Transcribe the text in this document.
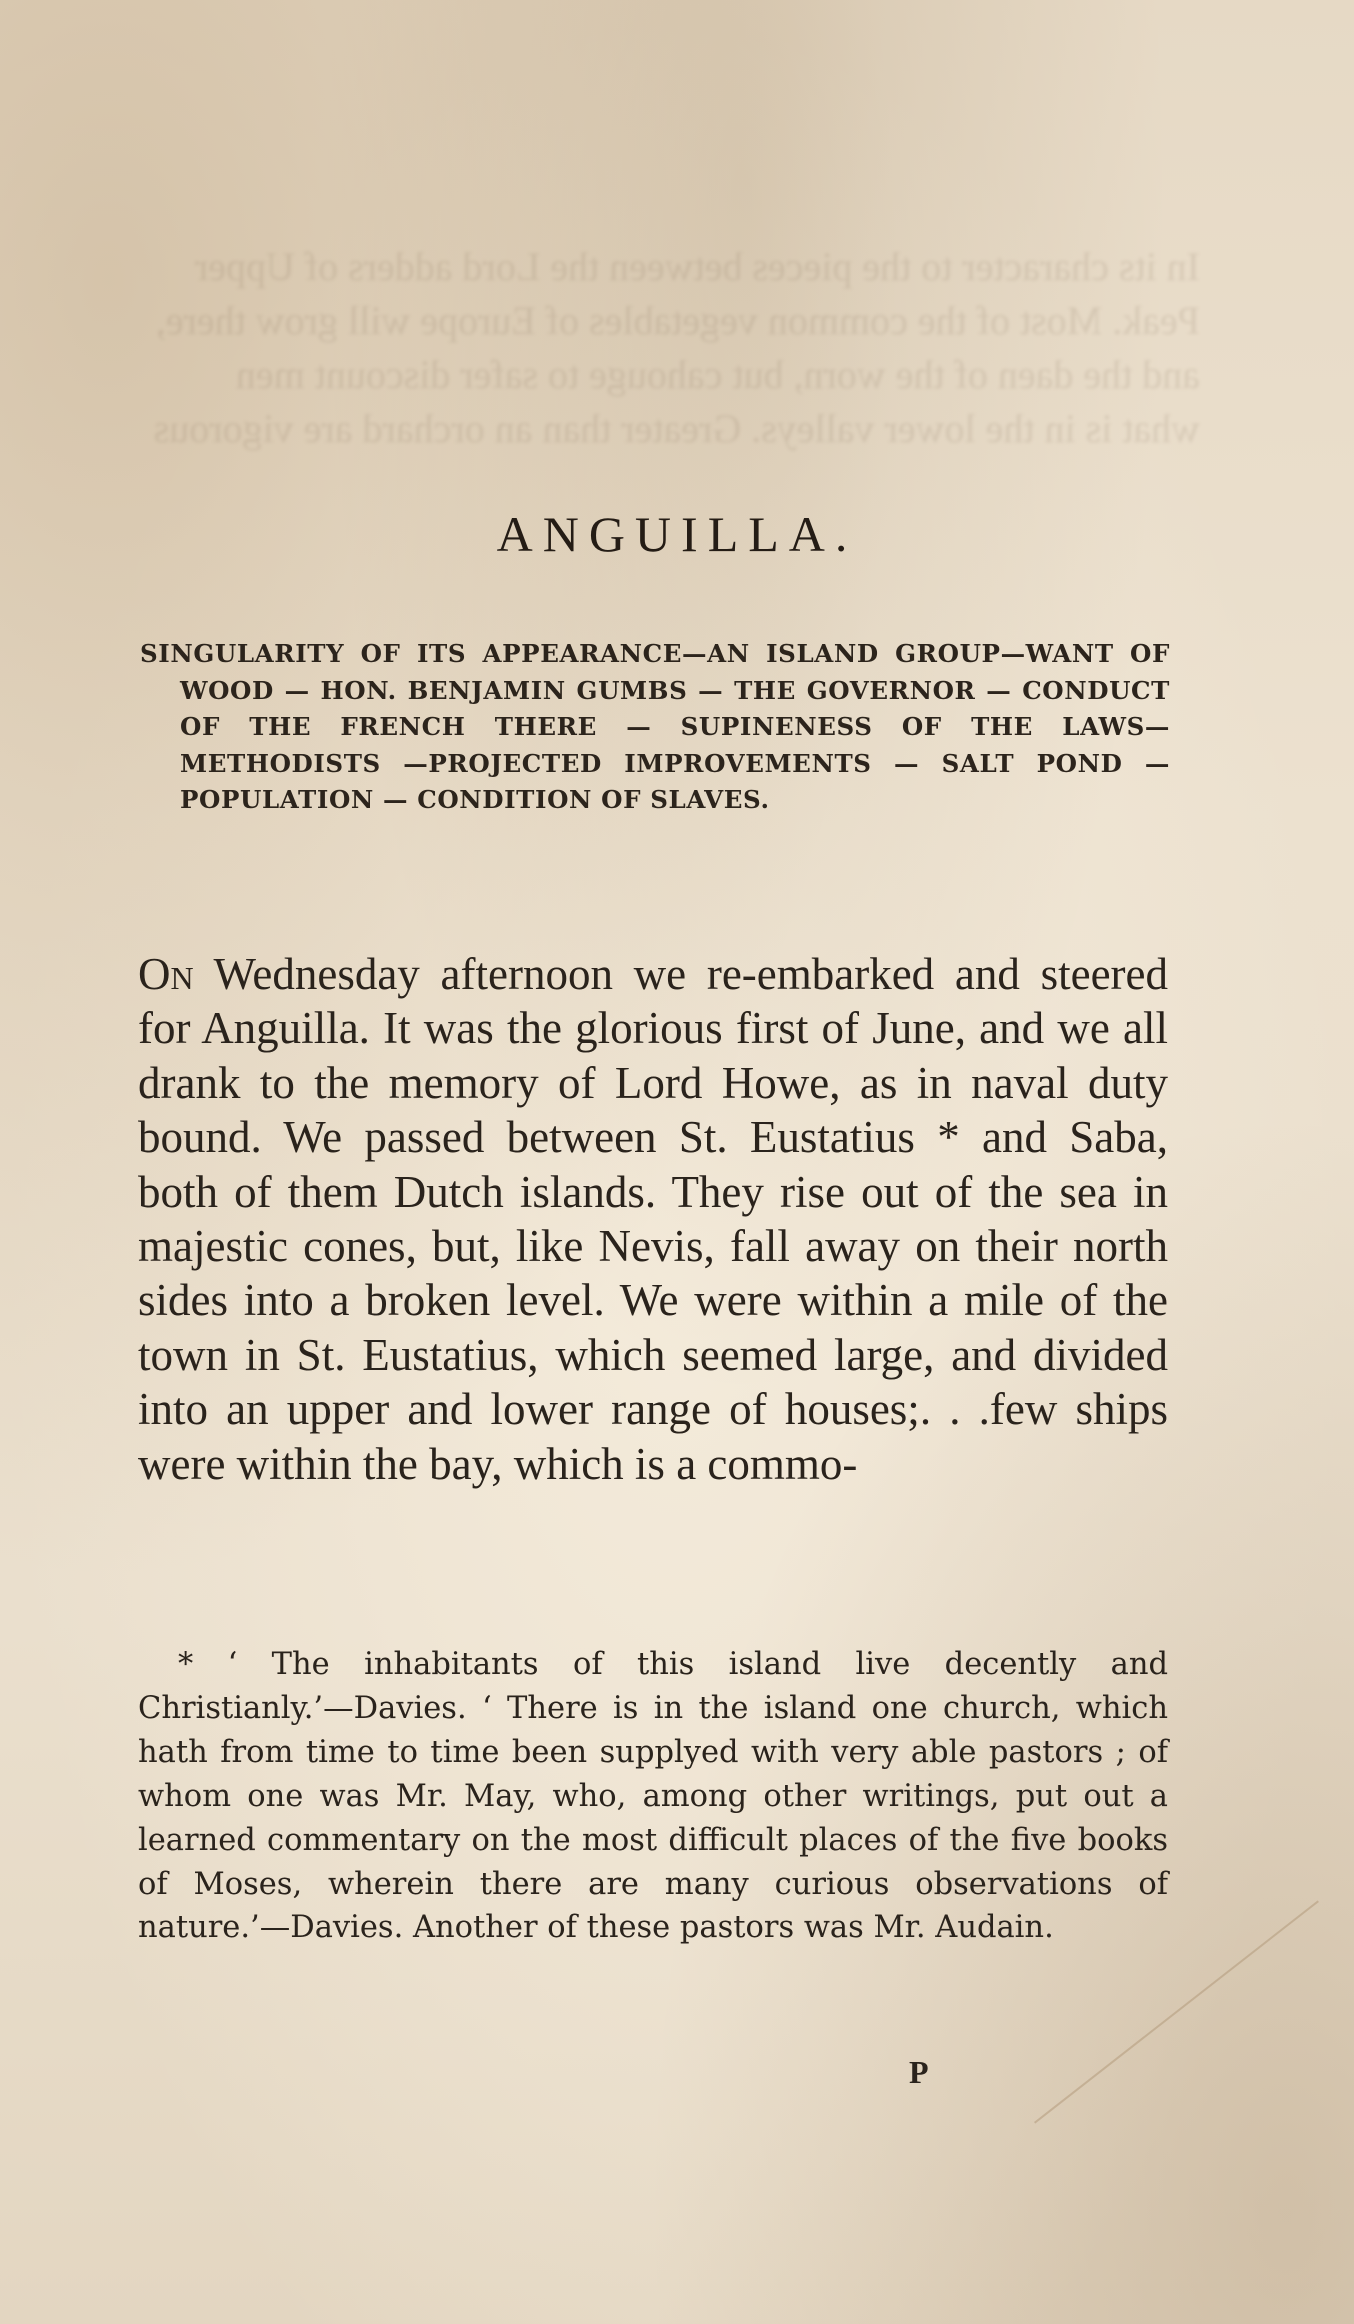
In its character to the pieces between the Lord adders of Upper Peak. Most of the common vegetables of Europe will grow there, and the daen of the worn, but cahouge to safer discount men what is in the lower valleys. Greater than an orchard are vigorous
ANGUILLA.

SINGULARITY OF ITS APPEARANCE—AN ISLAND GROUP—WANT OF WOOD — HON. BENJAMIN GUMBS — THE GOVERNOR — CONDUCT OF THE FRENCH THERE — SUPINENESS OF THE LAWS—METHODISTS —PROJECTED IMPROVEMENTS — SALT POND — POPULATION — CONDITION OF SLAVES.

On Wednesday afternoon we re-embarked and steered for Anguilla. It was the glorious first of June, and we all drank to the memory of Lord Howe, as in naval duty bound. We passed between St. Eustatius * and Saba, both of them Dutch islands. They rise out of the sea in majestic cones, but, like Nevis, fall away on their north sides into a broken level. We were within a mile of the town in St. Eustatius, which seemed large, and divided into an upper and lower range of houses;. . .few ships were within the bay, which is a commo-

* ‘ The inhabitants of this island live decently and Christianly.’—Davies. ‘ There is in the island one church, which hath from time to time been supplyed with very able pastors ; of whom one was Mr. May, who, among other writings, put out a learned commentary on the most difficult places of the five books of Moses, wherein there are many curious observations of nature.’—Davies. Another of these pastors was Mr. Audain.

P
